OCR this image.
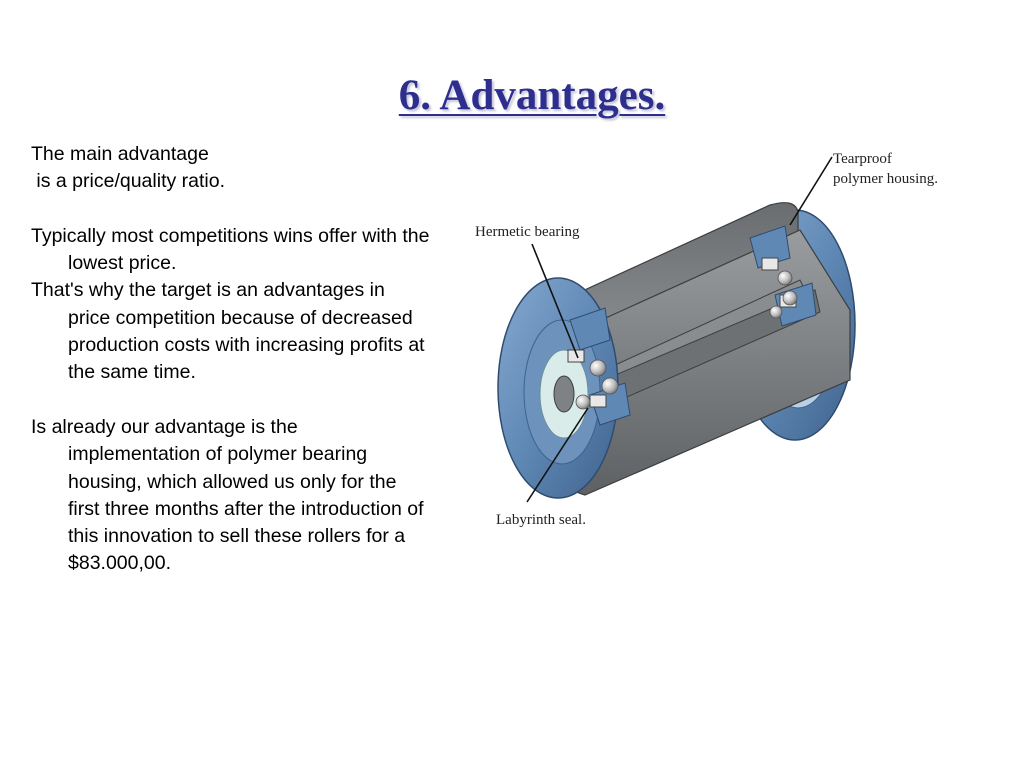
6. Advantages.

The main advantage

is a price/quality ratio.

Typically most competitions wins offer with the lowest price.

That's why the target is an advantages in price competition because of decreased production costs with increasing profits at the same time.

Is already our advantage is the implementation of polymer bearing housing, which allowed us only for the first three months after the introduction of this innovation to sell these rollers for a $83.000,00.

Tearproof
polymer housing.
Hermetic bearing
Labyrinth seal.
